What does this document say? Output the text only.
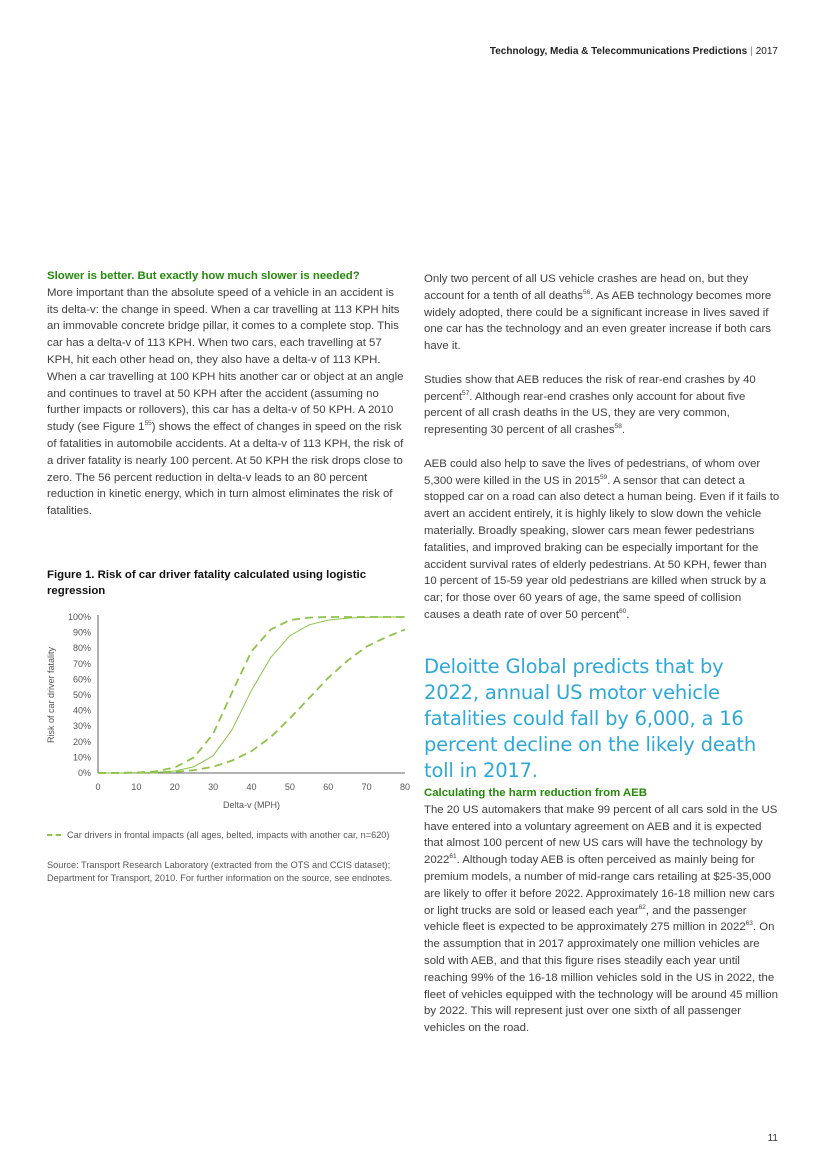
Technology, Media & Telecommunications Predictions | 2017

Slower is better. But exactly how much slower is needed?

More important than the absolute speed of a vehicle in an accident is its delta-v: the change in speed. When a car travelling at 113 KPH hits an immovable concrete bridge pillar, it comes to a complete stop. This car has a delta-v of 113 KPH. When two cars, each travelling at 57 KPH, hit each other head on, they also have a delta-v of 113 KPH. When a car travelling at 100 KPH hits another car or object at an angle and continues to travel at 50 KPH after the accident (assuming no further impacts or rollovers), this car has a delta-v of 50 KPH. A 2010 study (see Figure $1^{55}$) shows the effect of changes in speed on the risk of fatalities in automobile accidents. At a delta-v of 113 KPH, the risk of a driver fatality is nearly 100 percent. At 50 KPH the risk drops close to zero. The 56 percent reduction in delta-v leads to an 80 percent reduction in kinetic energy, which in turn almost eliminates the risk of fatalities.

Figure 1. Risk of car driver fatality calculated using logistic regression
0%
10%
20%
30%
40%
50%
60%
70%
80%
90%
100%
0	10	20	30	40	50	60	70	80
Risk of car driver fatality
Delta-v (MPH)
Car drivers in frontal impacts (all ages, belted, impacts with another car, n=620)
Source: Transport Research Laboratory (extracted from the OTS and CCIS dataset); Department for Transport, 2010. For further information on the source, see endnotes.

Only two percent of all US vehicle crashes are head on, but they account for a tenth of all deaths$^{56}$. As AEB technology becomes more widely adopted, there could be a significant increase in lives saved if one car has the technology and an even greater increase if both cars have it.

Studies show that AEB reduces the risk of rear-end crashes by 40 percent$^{57}$. Although rear-end crashes only account for about five percent of all crash deaths in the US, they are very common, representing 30 percent of all crashes$^{58}$.

AEB could also help to save the lives of pedestrians, of whom over 5,300 were killed in the US in 2015$^{59}$. A sensor that can detect a stopped car on a road can also detect a human being. Even if it fails to avert an accident entirely, it is highly likely to slow down the vehicle materially. Broadly speaking, slower cars mean fewer pedestrians fatalities, and improved braking can be especially important for the accident survival rates of elderly pedestrians. At 50 KPH, fewer than 10 percent of 15-59 year old pedestrians are killed when struck by a car; for those over 60 years of age, the same speed of collision causes a death rate of over 50 percent$^{60}$.

Deloitte Global predicts that by 2022, annual US motor vehicle fatalities could fall by 6,000, a 16 percent decline on the likely death toll in 2017.

Calculating the harm reduction from AEB

The 20 US automakers that make 99 percent of all cars sold in the US have entered into a voluntary agreement on AEB and it is expected that almost 100 percent of new US cars will have the technology by 2022$^{61}$. Although today AEB is often perceived as mainly being for premium models, a number of mid-range cars retailing at $25-35,000 are likely to offer it before 2022. Approximately 16-18 million new cars or light trucks are sold or leased each year$^{62}$, and the passenger vehicle fleet is expected to be approximately 275 million in 2022$^{63}$. On the assumption that in 2017 approximately one million vehicles are sold with AEB, and that this figure rises steadily each year until reaching 99% of the 16-18 million vehicles sold in the US in 2022, the fleet of vehicles equipped with the technology will be around 45 million by 2022. This will represent just over one sixth of all passenger vehicles on the road.

11
